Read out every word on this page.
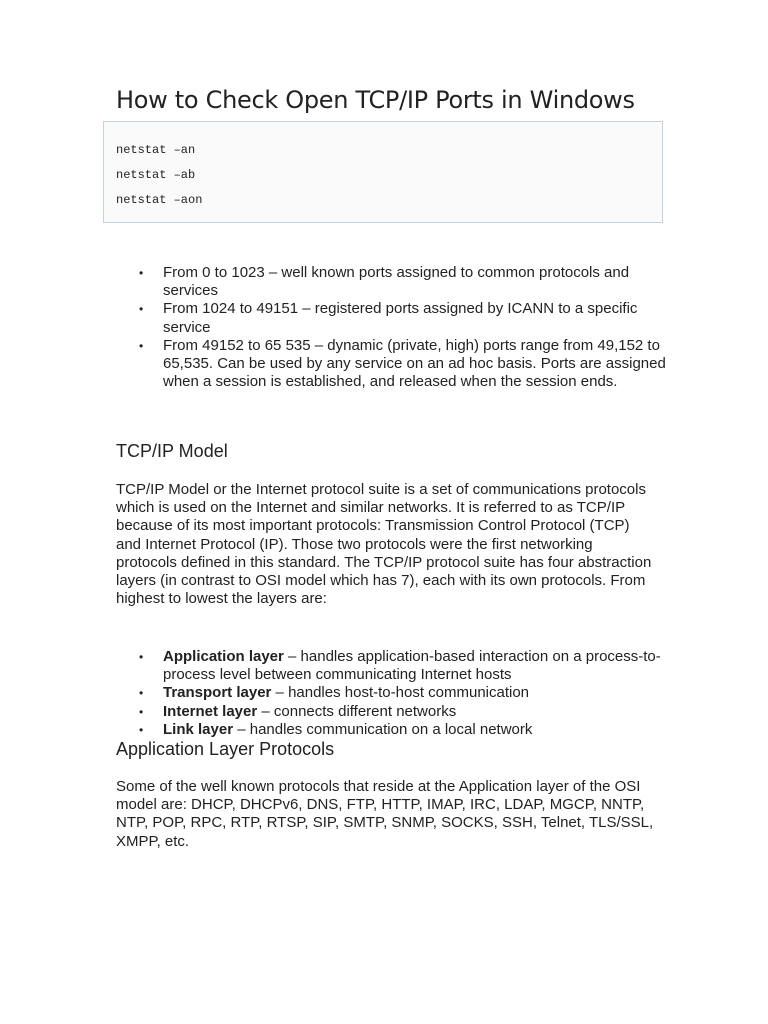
How to Check Open TCP/IP Ports in Windows
netstat –an
netstat –ab
netstat –aon
• From 0 to 1023 – well known ports assigned to common protocols and services
• From 1024 to 49151 – registered ports assigned by ICANN to a specific service
• From 49152 to 65 535 – dynamic (private, high) ports range from 49,152 to 65,535. Can be used by any service on an ad hoc basis. Ports are assigned when a session is established, and released when the session ends.
TCP/IP Model

TCP/IP Model or the Internet protocol suite is a set of communications protocols which is used on the Internet and similar networks. It is referred to as TCP/IP because of its most important protocols: Transmission Control Protocol (TCP) and Internet Protocol (IP). Those two protocols were the first networking protocols defined in this standard. The TCP/IP protocol suite has four abstraction layers (in contrast to OSI model which has 7), each with its own protocols. From highest to lowest the layers are:

• Application layer – handles application-based interaction on a process-to-process level between communicating Internet hosts
• Transport layer – handles host-to-host communication
• Internet layer – connects different networks
• Link layer – handles communication on a local network
Application Layer Protocols

Some of the well known protocols that reside at the Application layer of the OSI model are: DHCP, DHCPv6, DNS, FTP, HTTP, IMAP, IRC, LDAP, MGCP, NNTP, NTP, POP, RPC, RTP, RTSP, SIP, SMTP, SNMP, SOCKS, SSH, Telnet, TLS/SSL, XMPP, etc.
